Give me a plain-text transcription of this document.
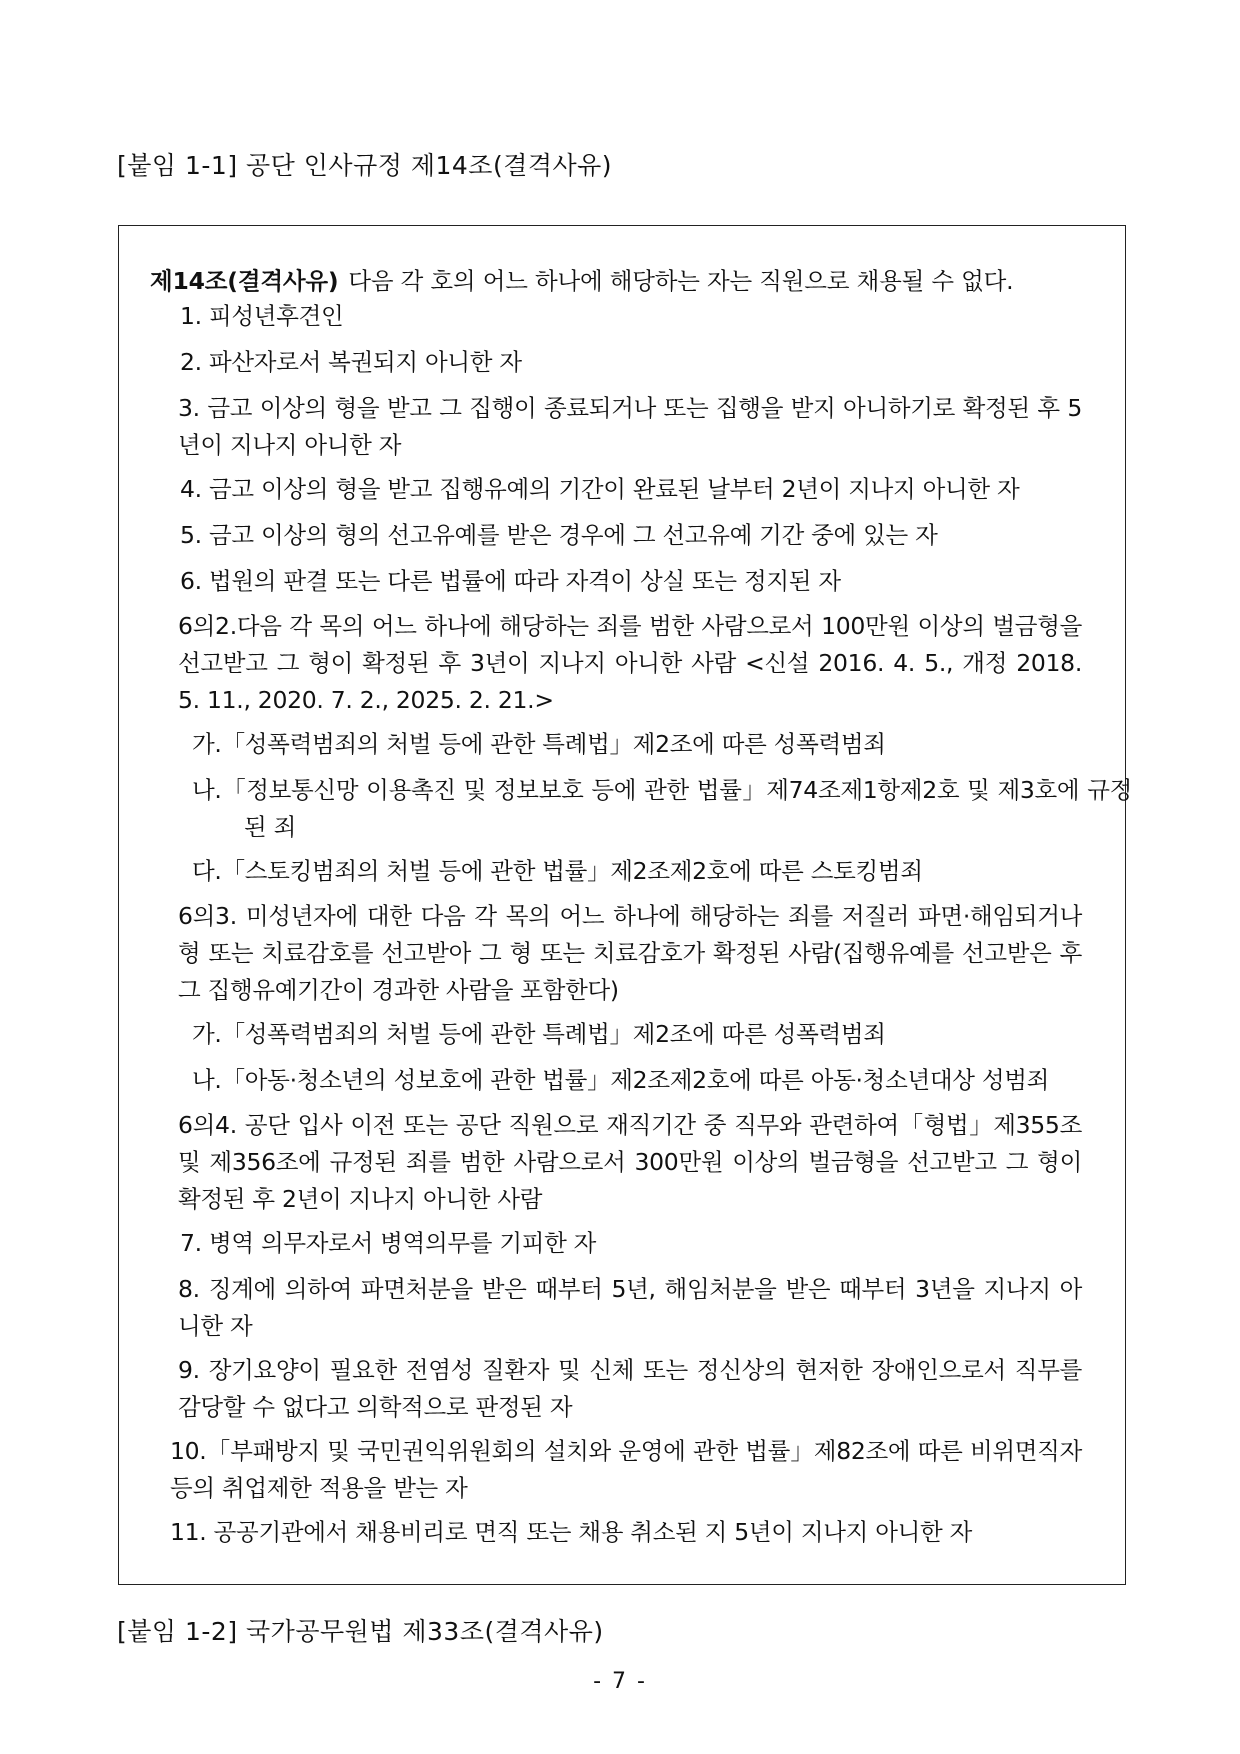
[붙임 1-1] 공단 인사규정 제14조(결격사유)
제14조(결격사유) 다음 각 호의 어느 하나에 해당하는 자는 직원으로 채용될 수 없다.

1. 피성년후견인

2. 파산자로서 복권되지 아니한 자

3. 금고 이상의 형을 받고 그 집행이 종료되거나 또는 집행을 받지 아니하기로 확정된 후 5년이 지나지 아니한 자

4. 금고 이상의 형을 받고 집행유예의 기간이 완료된 날부터 2년이 지나지 아니한 자

5. 금고 이상의 형의 선고유예를 받은 경우에 그 선고유예 기간 중에 있는 자

6. 법원의 판결 또는 다른 법률에 따라 자격이 상실 또는 정지된 자

6의2.다음 각 목의 어느 하나에 해당하는 죄를 범한 사람으로서 100만원 이상의 벌금형을 선고받고 그 형이 확정된 후 3년이 지나지 아니한 사람 <신설 2016. 4. 5., 개정 2018. 5. 11., 2020. 7. 2., 2025. 2. 21.>

가.「성폭력범죄의 처벌 등에 관한 특례법」제2조에 따른 성폭력범죄

나.「정보통신망 이용촉진 및 정보보호 등에 관한 법률」제74조제1항제2호 및 제3호에 규정된 죄

다.「스토킹범죄의 처벌 등에 관한 법률」제2조제2호에 따른 스토킹범죄

6의3. 미성년자에 대한 다음 각 목의 어느 하나에 해당하는 죄를 저질러 파면·해임되거나 형 또는 치료감호를 선고받아 그 형 또는 치료감호가 확정된 사람(집행유예를 선고받은 후 그 집행유예기간이 경과한 사람을 포함한다)

가.「성폭력범죄의 처벌 등에 관한 특례법」제2조에 따른 성폭력범죄

나.「아동·청소년의 성보호에 관한 법률」제2조제2호에 따른 아동·청소년대상 성범죄

6의4. 공단 입사 이전 또는 공단 직원으로 재직기간 중 직무와 관련하여「형법」제355조 및 제356조에 규정된 죄를 범한 사람으로서 300만원 이상의 벌금형을 선고받고 그 형이 확정된 후 2년이 지나지 아니한 사람

7. 병역 의무자로서 병역의무를 기피한 자

8. 징계에 의하여 파면처분을 받은 때부터 5년, 해임처분을 받은 때부터 3년을 지나지 아니한 자

9. 장기요양이 필요한 전염성 질환자 및 신체 또는 정신상의 현저한 장애인으로서 직무를 감당할 수 없다고 의학적으로 판정된 자

10.「부패방지 및 국민권익위원회의 설치와 운영에 관한 법률」제82조에 따른 비위면직자 등의 취업제한 적용을 받는 자

11. 공공기관에서 채용비리로 면직 또는 채용 취소된 지 5년이 지나지 아니한 자

[붙임 1-2] 국가공무원법 제33조(결격사유)
- 7 -
